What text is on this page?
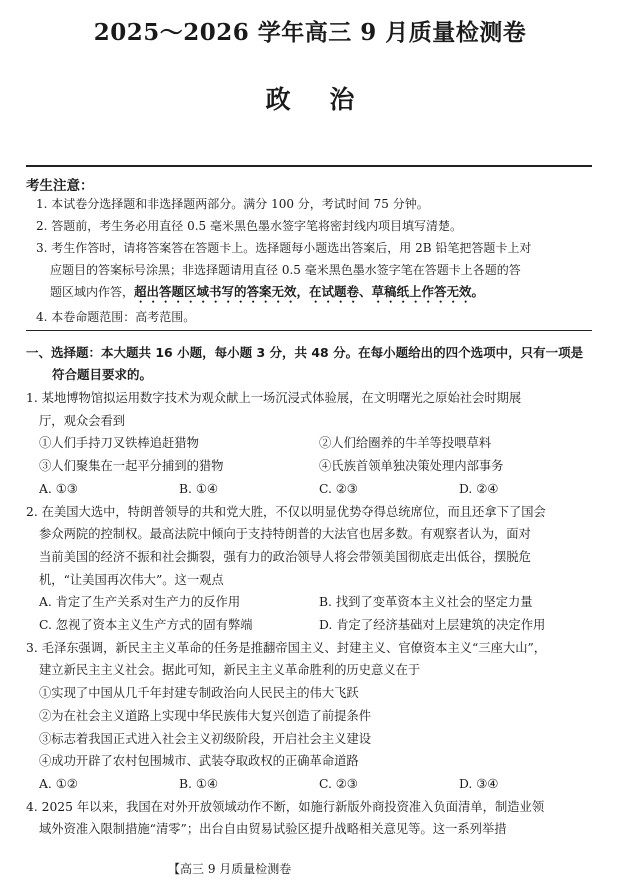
2025～2026 学年高三 9 月质量检测卷
政 治
考生注意：
1. 本试卷分选择题和非选择题两部分。满分 100 分，考试时间 75 分钟。
2. 答题前，考生务必用直径 0.5 毫米黑色墨水签字笔将密封线内项目填写清楚。
3. 考生作答时，请将答案答在答题卡上。选择题每小题选出答案后，用 2B 铅笔把答题卡上对
应题目的答案标号涂黑；非选择题请用直径 0.5 毫米黑色墨水签字笔在答题卡上各题的答
题区域内作答，超出答题区域书写的答案无效，在试题卷、草稿纸上作答无效。
4. 本卷命题范围：高考范围。
一、选择题：本大题共 16 小题，每小题 3 分，共 48 分。在每小题给出的四个选项中，只有一项是
符合题目要求的。
1. 某地博物馆拟运用数字技术为观众献上一场沉浸式体验展，在文明曙光之原始社会时期展
厅，观众会看到
①人们手持刀叉铁棒追赶猎物	②人们给圈养的牛羊等投喂草料
③人们聚集在一起平分捕到的猎物	④氏族首领单独决策处理内部事务
A. ①③	B. ①④	C. ②③	D. ②④
2. 在美国大选中，特朗普领导的共和党大胜，不仅以明显优势夺得总统席位，而且还拿下了国会
参众两院的控制权。最高法院中倾向于支持特朗普的大法官也居多数。有观察者认为，面对
当前美国的经济不振和社会撕裂，强有力的政治领导人将会带领美国彻底走出低谷，摆脱危
机，“让美国再次伟大”。这一观点
A. 肯定了生产关系对生产力的反作用	B. 找到了变革资本主义社会的坚定力量
C. 忽视了资本主义生产方式的固有弊端	D. 肯定了经济基础对上层建筑的决定作用
3. 毛泽东强调，新民主主义革命的任务是推翻帝国主义、封建主义、官僚资本主义“三座大山”，
建立新民主主义社会。据此可知，新民主主义革命胜利的历史意义在于
①实现了中国从几千年封建专制政治向人民民主的伟大飞跃
②为在社会主义道路上实现中华民族伟大复兴创造了前提条件
③标志着我国正式进入社会主义初级阶段，开启社会主义建设
④成功开辟了农村包围城市、武装夺取政权的正确革命道路
A. ①②	B. ①④	C. ②③	D. ③④
4. 2025 年以来，我国在对外开放领域动作不断，如施行新版外商投资准入负面清单，制造业领
域外资准入限制措施“清零”；出台自由贸易试验区提升战略相关意见等。这一系列举措
【高三 9 月质量检测卷
